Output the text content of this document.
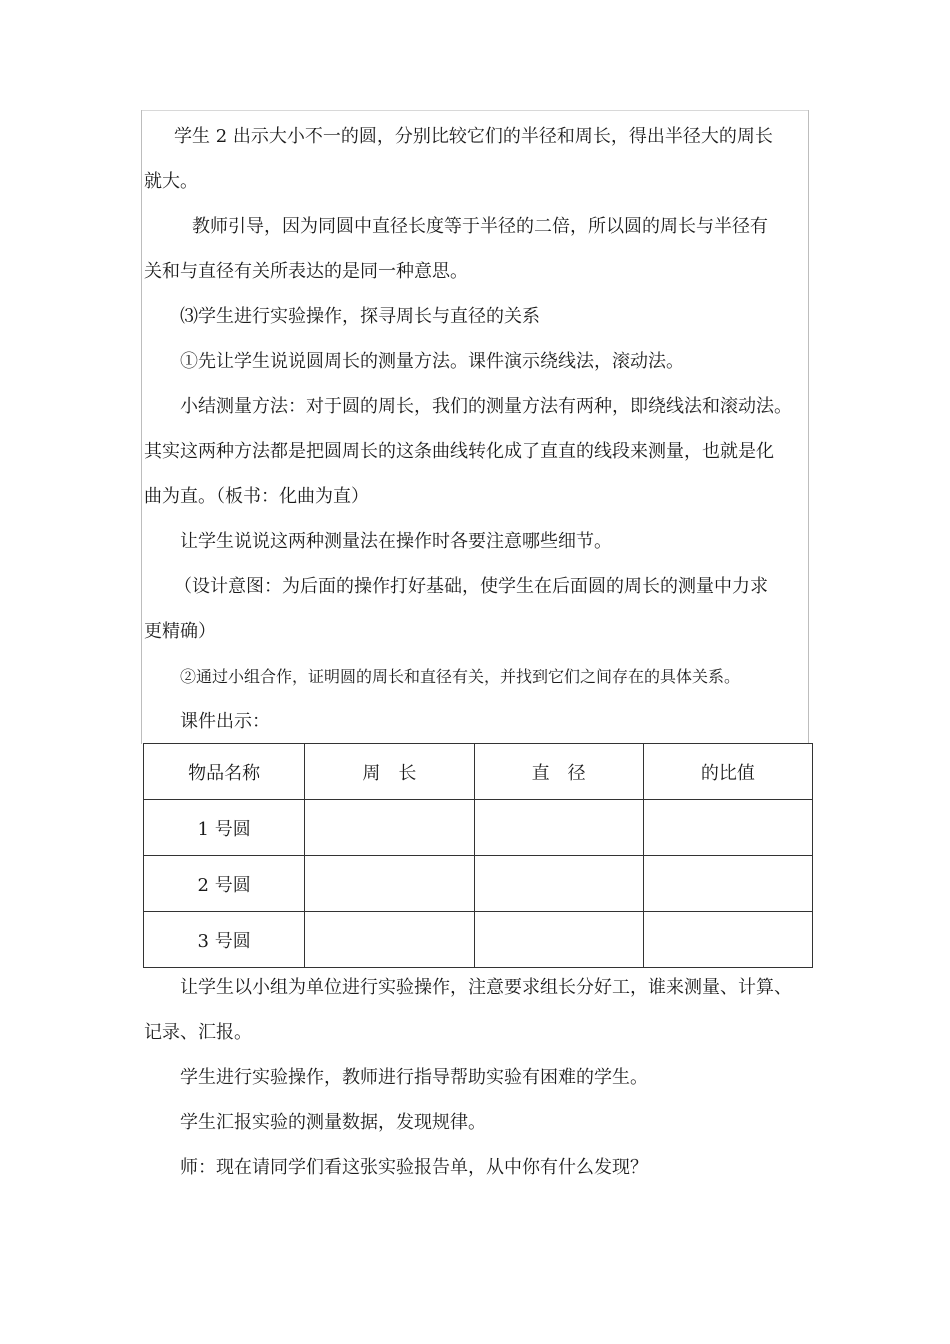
学生 2 出示大小不一的圆，分别比较它们的半径和周长，得出半径大的周长

就大。

教师引导，因为同圆中直径长度等于半径的二倍，所以圆的周长与半径有

关和与直径有关所表达的是同一种意思。

⑶学生进行实验操作，探寻周长与直径的关系

①先让学生说说圆周长的测量方法。课件演示绕线法，滚动法。

小结测量方法：对于圆的周长，我们的测量方法有两种，即绕线法和滚动法。

其实这两种方法都是把圆周长的这条曲线转化成了直直的线段来测量，也就是化

曲为直。（板书：化曲为直）

让学生说说这两种测量法在操作时各要注意哪些细节。

（设计意图：为后面的操作打好基础，使学生在后面圆的周长的测量中力求

更精确）

②通过小组合作，证明圆的周长和直径有关，并找到它们之间存在的具体关系。

课件出示：

物品名称	周　长	直　径	的比值
1 号圆			
2 号圆			
3 号圆			

让学生以小组为单位进行实验操作，注意要求组长分好工，谁来测量、计算、

记录、汇报。

学生进行实验操作，教师进行指导帮助实验有困难的学生。

学生汇报实验的测量数据，发现规律。

师：现在请同学们看这张实验报告单，从中你有什么发现？
